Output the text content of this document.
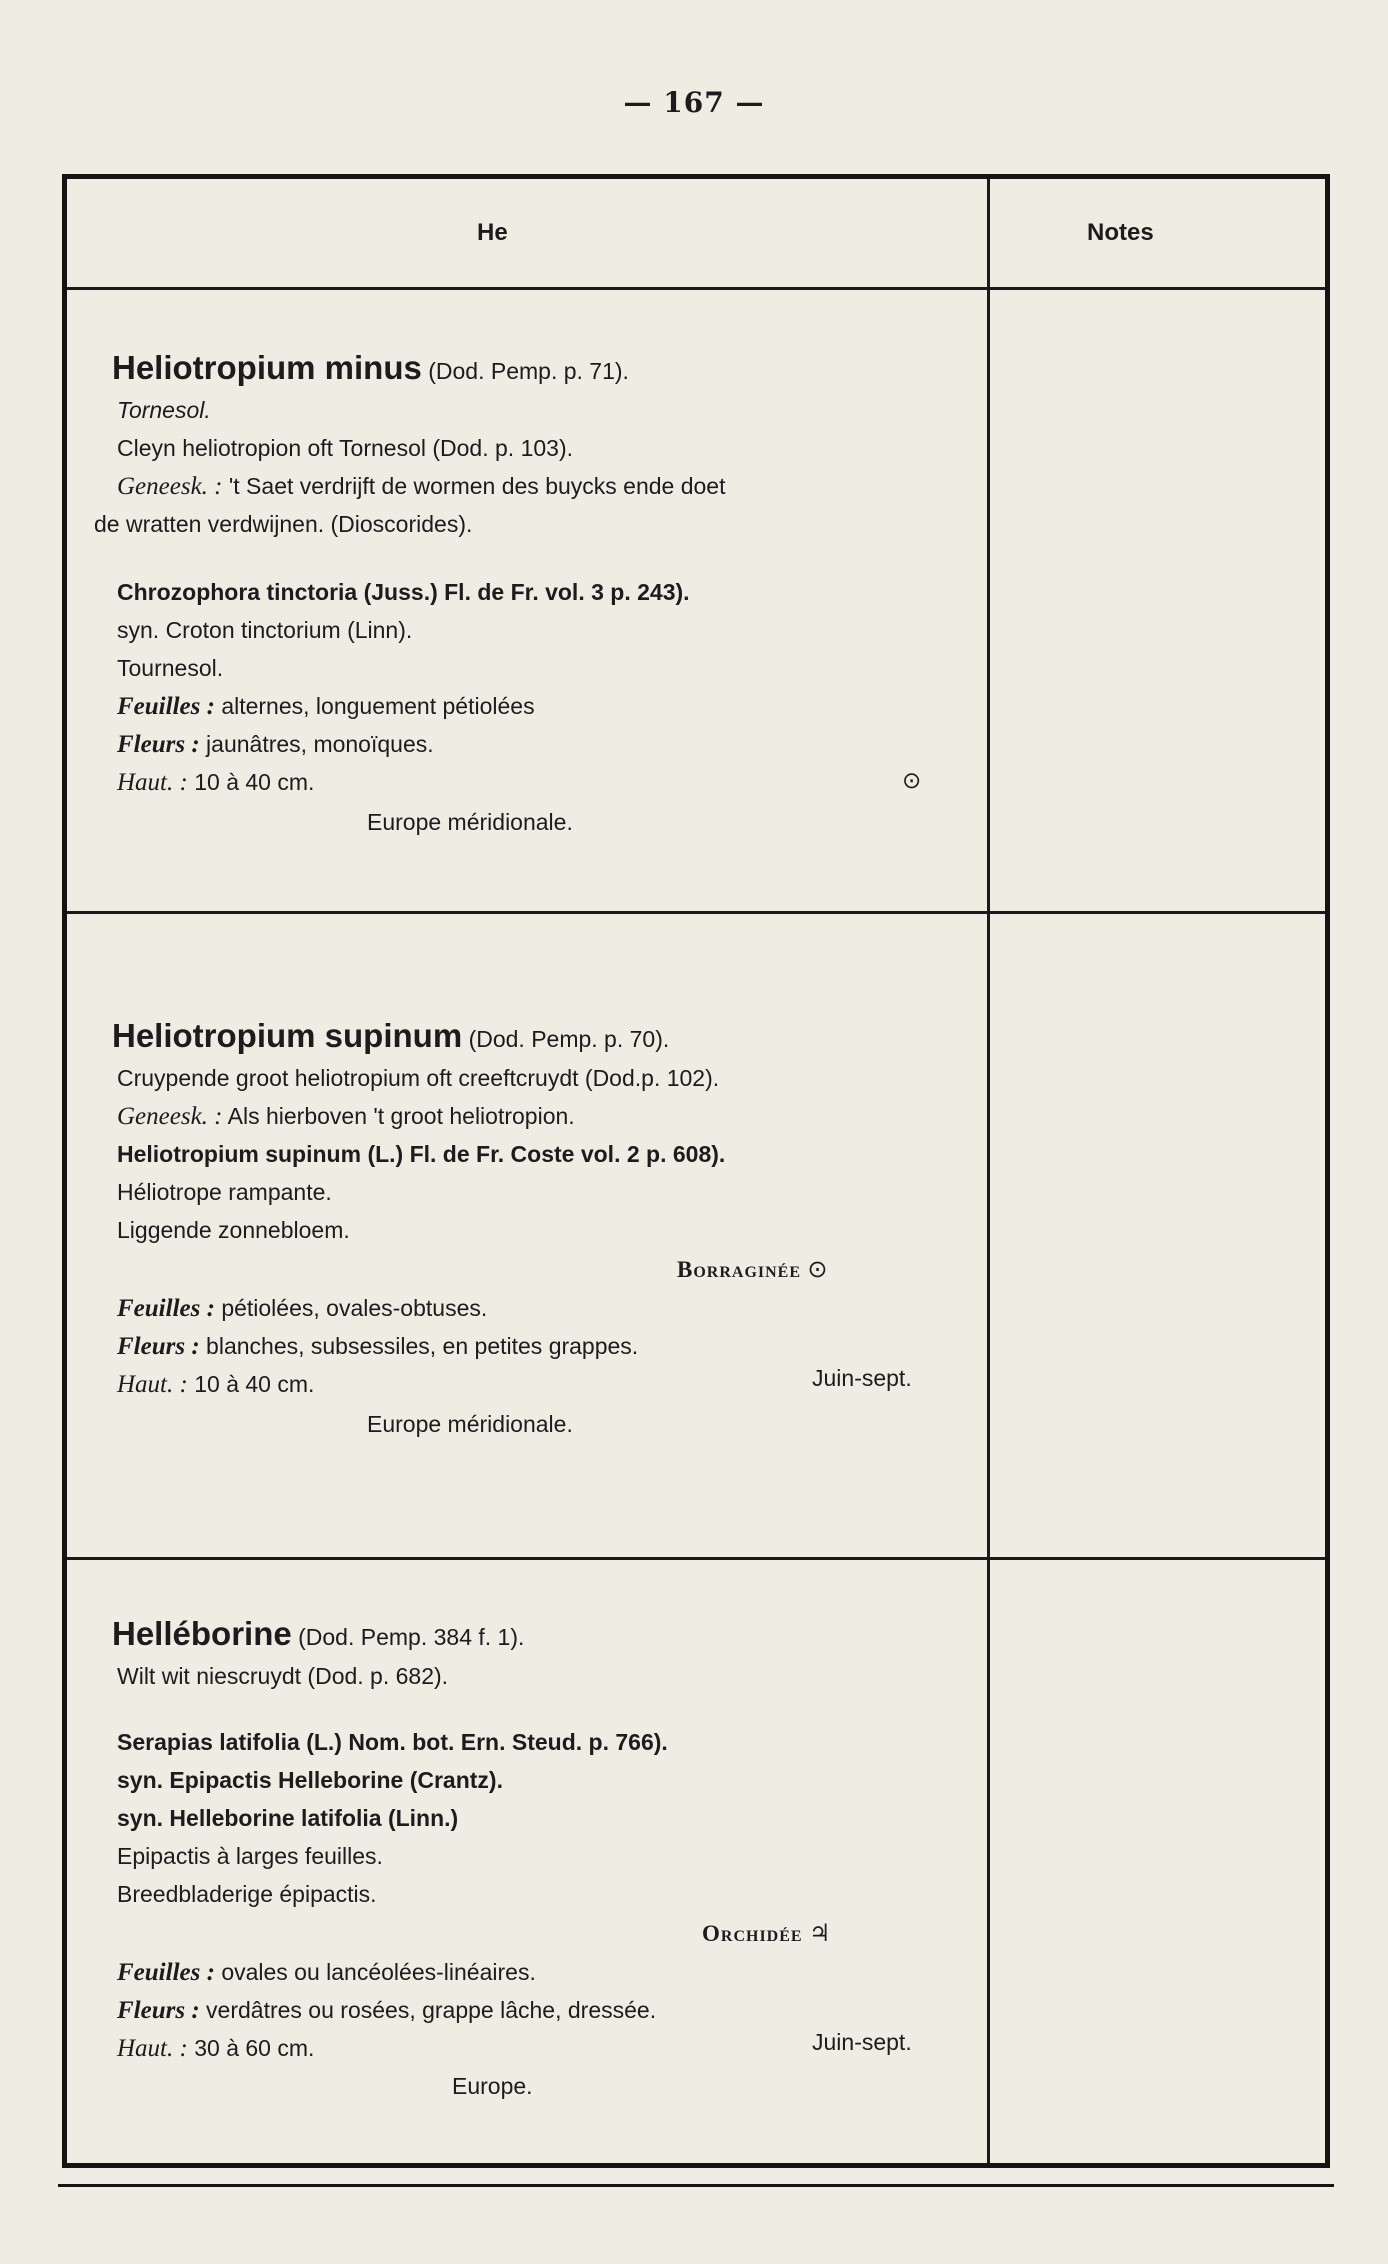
— 167 —
He	Notes
Heliotropium minus (Dod. Pemp. p. 71).
Tornesol.
Cleyn heliotropion oft Tornesol (Dod. p. 103).
Geneesk. : 't Saet verdrijft de wormen des buycks ende doet
de wratten verdwijnen. (Dioscorides).
Chrozophora tinctoria (Juss.) Fl. de Fr. vol. 3 p. 243).
syn. Croton tinctorium (Linn).
Tournesol.
Feuilles : alternes, longuement pétiolées
Fleurs : jaunâtres, monoïques.
Haut. : 10 à 40 cm.	⊙
Europe méridionale.
Heliotropium supinum (Dod. Pemp. p. 70).
Cruypende groot heliotropium oft creeftcruydt (Dod.p. 102).
Geneesk. : Als hierboven 't groot heliotropion.
Heliotropium supinum (L.) Fl. de Fr. Coste vol. 2 p. 608).
Héliotrope rampante.
Liggende zonnebloem.
Borraginée ⊙
Feuilles : pétiolées, ovales-obtuses.
Fleurs : blanches, subsessiles, en petites grappes.
Haut. : 10 à 40 cm.	Juin-sept.
Europe méridionale.
Helléborine (Dod. Pemp. 384 f. 1).
Wilt wit niescruydt (Dod. p. 682).
Serapias latifolia (L.) Nom. bot. Ern. Steud. p. 766).
syn. Epipactis Helleborine (Crantz).
syn. Helleborine latifolia (Linn.)
Epipactis à larges feuilles.
Breedbladerige épipactis.
Orchidée ♃
Feuilles : ovales ou lancéolées-linéaires.
Fleurs : verdâtres ou rosées, grappe lâche, dressée.
Haut. : 30 à 60 cm.	Juin-sept.
Europe.
